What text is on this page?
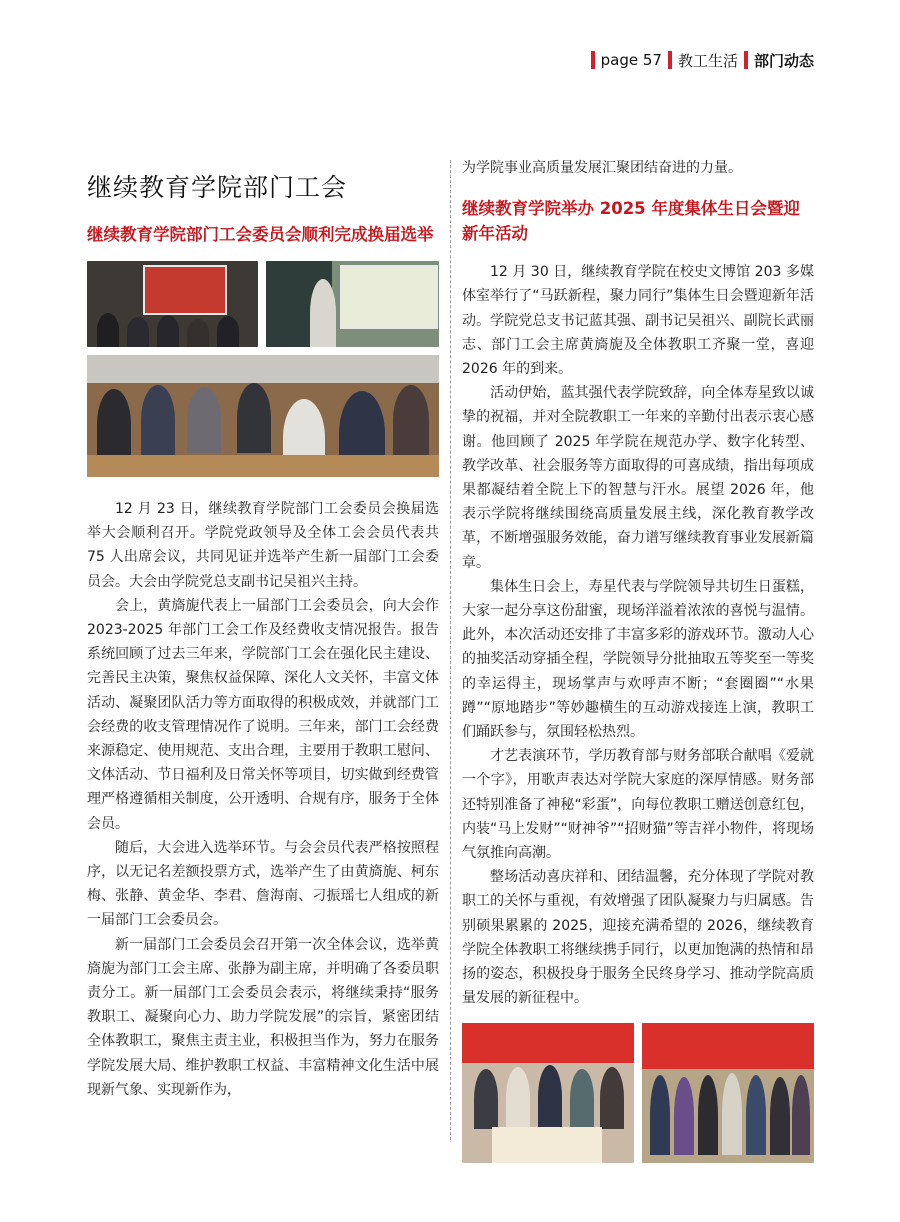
page 57 教工生活 部门动态
继续教育学院部门工会
继续教育学院部门工会委员会顺利完成换届选举

12 月 23 日，继续教育学院部门工会委员会换届选举大会顺利召开。学院党政领导及全体工会会员代表共 75 人出席会议，共同见证并选举产生新一届部门工会委员会。大会由学院党总支副书记吴祖兴主持。

会上，黄旖旎代表上一届部门工会委员会，向大会作 2023-2025 年部门工会工作及经费收支情况报告。报告系统回顾了过去三年来，学院部门工会在强化民主建设、完善民主决策，聚焦权益保障、深化人文关怀，丰富文体活动、凝聚团队活力等方面取得的积极成效，并就部门工会经费的收支管理情况作了说明。三年来，部门工会经费来源稳定、使用规范、支出合理，主要用于教职工慰问、文体活动、节日福利及日常关怀等项目，切实做到经费管理严格遵循相关制度，公开透明、合规有序，服务于全体会员。

随后，大会进入选举环节。与会会员代表严格按照程序，以无记名差额投票方式，选举产生了由黄旖旎、柯东梅、张静、黄金华、李君、詹海南、刁振瑶七人组成的新一届部门工会委员会。

新一届部门工会委员会召开第一次全体会议，选举黄旖旎为部门工会主席、张静为副主席，并明确了各委员职责分工。新一届部门工会委员会表示，将继续秉持“服务教职工、凝聚向心力、助力学院发展”的宗旨，紧密团结全体教职工，聚焦主责主业，积极担当作为，努力在服务学院发展大局、维护教职工权益、丰富精神文化生活中展现新气象、实现新作为，

为学院事业高质量发展汇聚团结奋进的力量。

继续教育学院举办 2025 年度集体生日会暨迎新年活动

12 月 30 日，继续教育学院在校史文博馆 203 多媒体室举行了“马跃新程，聚力同行”集体生日会暨迎新年活动。学院党总支书记蓝其强、副书记吴祖兴、副院长武丽志、部门工会主席黄旖旎及全体教职工齐聚一堂，喜迎 2026 年的到来。

活动伊始，蓝其强代表学院致辞，向全体寿星致以诚挚的祝福，并对全院教职工一年来的辛勤付出表示衷心感谢。他回顾了 2025 年学院在规范办学、数字化转型、教学改革、社会服务等方面取得的可喜成绩，指出每项成果都凝结着全院上下的智慧与汗水。展望 2026 年，他表示学院将继续围绕高质量发展主线，深化教育教学改革，不断增强服务效能，奋力谱写继续教育事业发展新篇章。

集体生日会上，寿星代表与学院领导共切生日蛋糕，大家一起分享这份甜蜜，现场洋溢着浓浓的喜悦与温情。此外，本次活动还安排了丰富多彩的游戏环节。激动人心的抽奖活动穿插全程，学院领导分批抽取五等奖至一等奖的幸运得主，现场掌声与欢呼声不断；“套圈圈”“水果蹲”“原地踏步”等妙趣横生的互动游戏接连上演，教职工们踊跃参与，氛围轻松热烈。

才艺表演环节，学历教育部与财务部联合献唱《爱就一个字》，用歌声表达对学院大家庭的深厚情感。财务部还特别准备了神秘“彩蛋”，向每位教职工赠送创意红包，内装“马上发财”“财神爷”“招财猫”等吉祥小物件，将现场气氛推向高潮。

整场活动喜庆祥和、团结温馨，充分体现了学院对教职工的关怀与重视，有效增强了团队凝聚力与归属感。告别硕果累累的 2025，迎接充满希望的 2026，继续教育学院全体教职工将继续携手同行，以更加饱满的热情和昂扬的姿态，积极投身于服务全民终身学习、推动学院高质量发展的新征程中。
